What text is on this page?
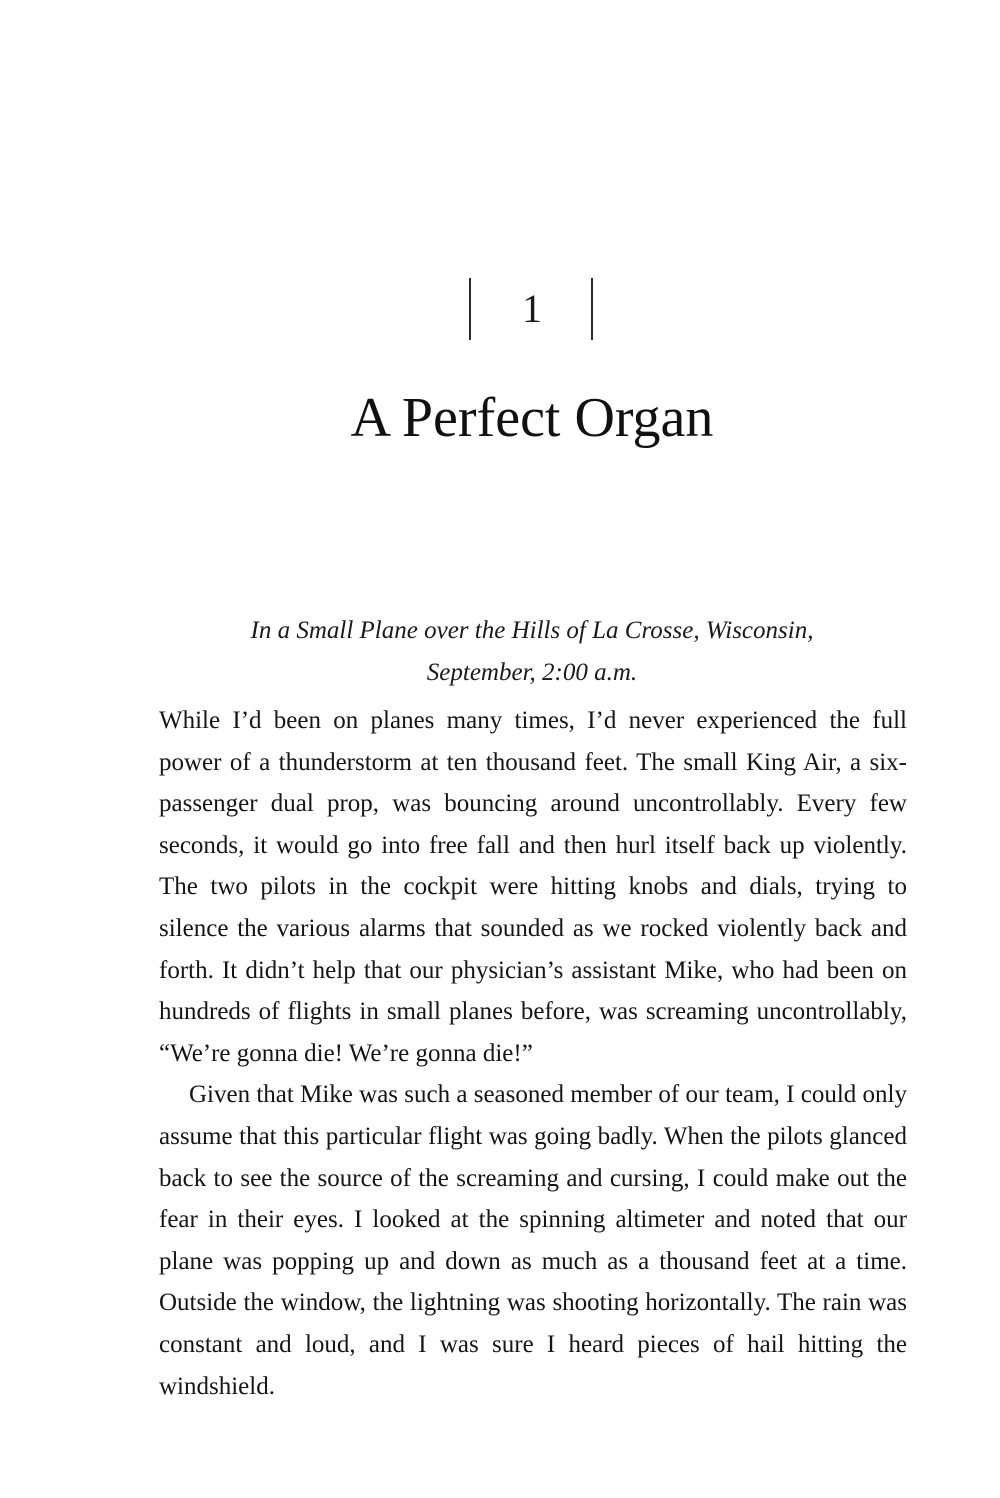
1
A Perfect Organ
In a Small Plane over the Hills of La Crosse, Wisconsin,
September, 2:00 a.m.

While I’d been on planes many times, I’d never experienced the full power of a thunderstorm at ten thousand feet. The small King Air, a six-passenger dual prop, was bouncing around uncontrollably. Every few seconds, it would go into free fall and then hurl itself back up violently. The two pilots in the cockpit were hitting knobs and dials, trying to silence the various alarms that sounded as we rocked violently back and forth. It didn’t help that our physician’s assistant Mike, who had been on hundreds of flights in small planes before, was screaming uncontrollably, “We’re gonna die! We’re gonna die!”

Given that Mike was such a seasoned member of our team, I could only assume that this particular flight was going badly. When the pilots glanced back to see the source of the screaming and cursing, I could make out the fear in their eyes. I looked at the spinning altimeter and noted that our plane was popping up and down as much as a thousand feet at a time. Outside the window, the lightning was shooting horizontally. The rain was constant and loud, and I was sure I heard pieces of hail hitting the windshield.
